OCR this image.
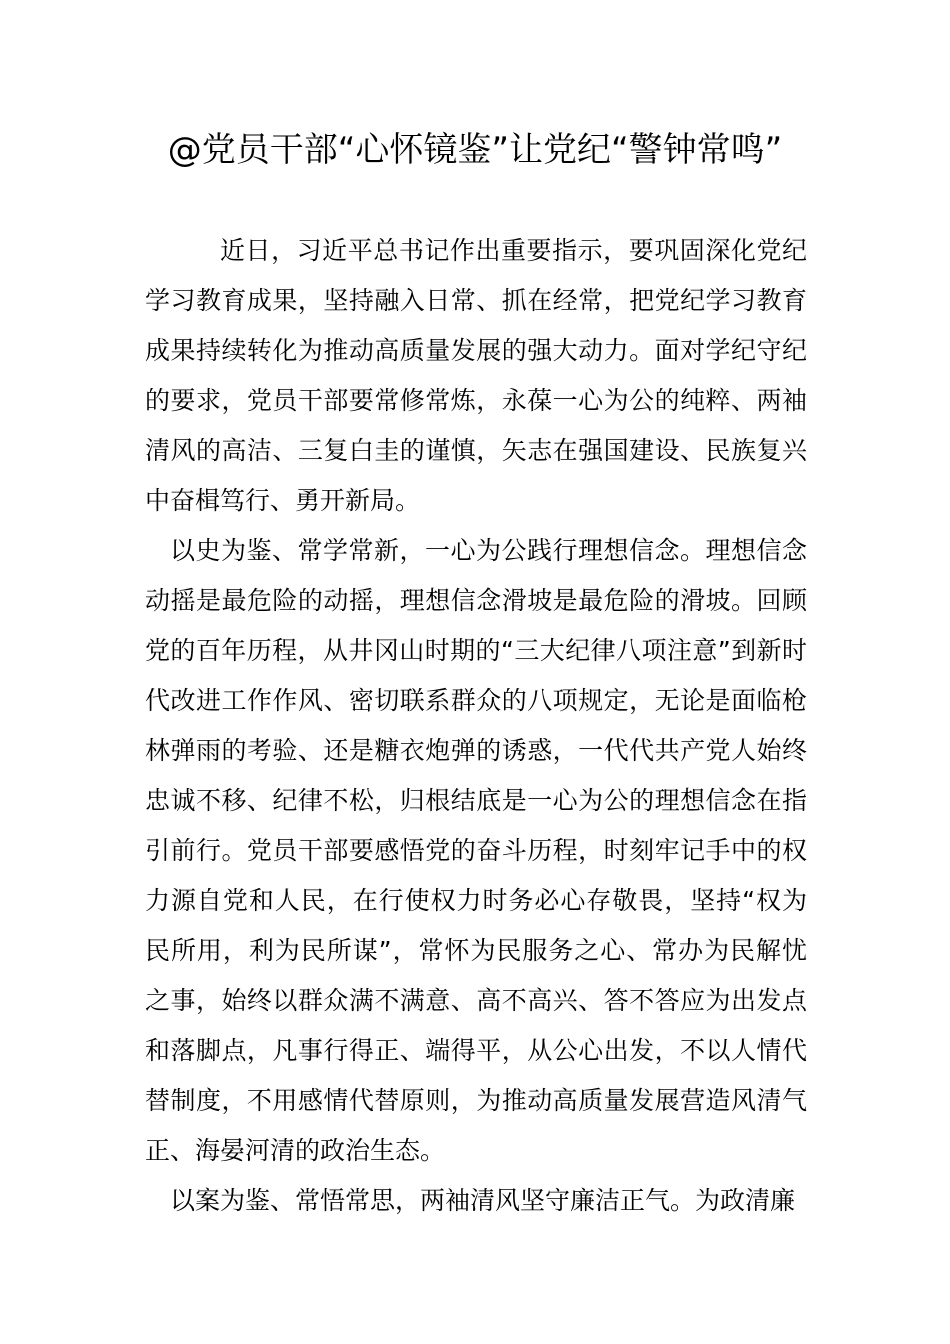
@党员干部“心怀镜鉴”让党纪“警钟常鸣”

近日，习近平总书记作出重要指示，要巩固深化党纪学习教育成果，坚持融入日常、抓在经常，把党纪学习教育成果持续转化为推动高质量发展的强大动力。面对学纪守纪的要求，党员干部要常修常炼，永葆一心为公的纯粹、两袖清风的高洁、三复白圭的谨慎，矢志在强国建设、民族复兴中奋楫笃行、勇开新局。

以史为鉴、常学常新，一心为公践行理想信念。理想信念动摇是最危险的动摇，理想信念滑坡是最危险的滑坡。回顾党的百年历程，从井冈山时期的“三大纪律八项注意”到新时代改进工作作风、密切联系群众的八项规定，无论是面临枪林弹雨的考验、还是糖衣炮弹的诱惑，一代代共产党人始终忠诚不移、纪律不松，归根结底是一心为公的理想信念在指引前行。党员干部要感悟党的奋斗历程，时刻牢记手中的权力源自党和人民，在行使权力时务必心存敬畏，坚持“权为民所用，利为民所谋”，常怀为民服务之心、常办为民解忧之事，始终以群众满不满意、高不高兴、答不答应为出发点和落脚点，凡事行得正、端得平，从公心出发，不以人情代替制度，不用感情代替原则，为推动高质量发展营造风清气正、海晏河清的政治生态。

以案为鉴、常悟常思，两袖清风坚守廉洁正气。为政清廉
